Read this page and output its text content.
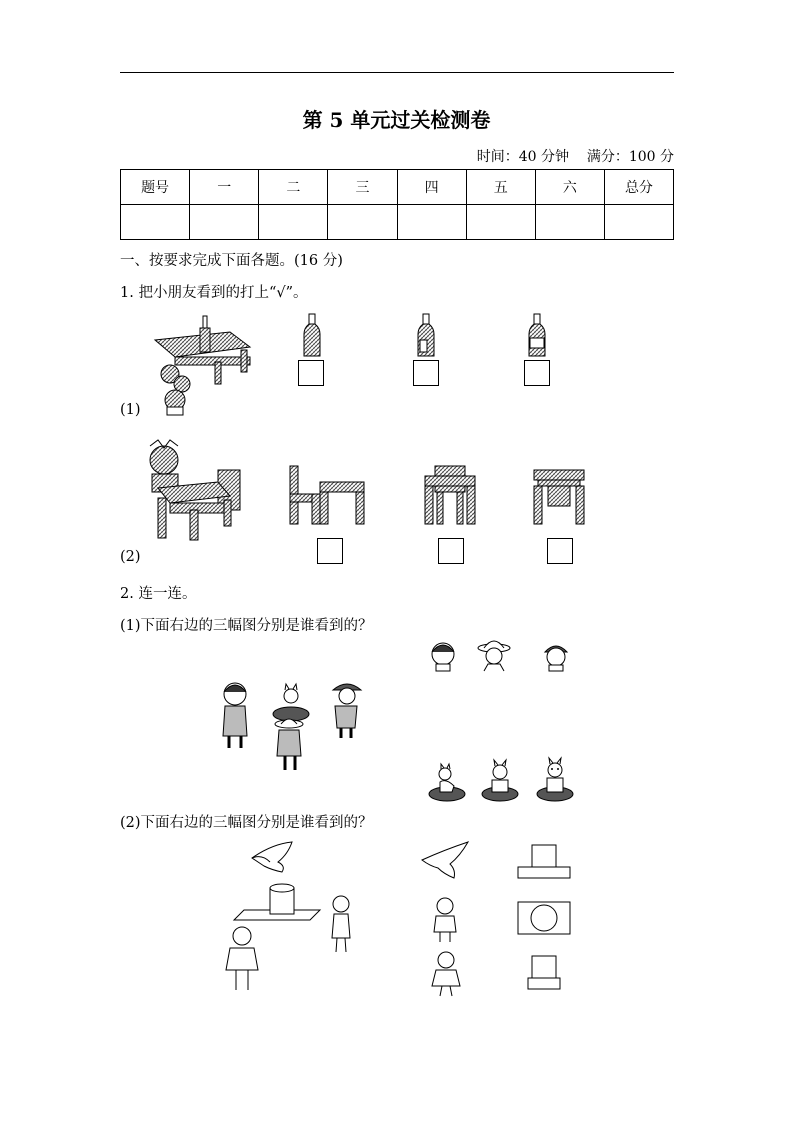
第 5 单元过关检测卷
时间：40 分钟 满分：100 分
题号	一	二	三	四	五	六	总分

一、按要求完成下面各题。(16 分)
1. 把小朋友看到的打上“√”。
(1)
(2)
2. 连一连。
(1)下面右边的三幅图分别是谁看到的？
(2)下面右边的三幅图分别是谁看到的？
